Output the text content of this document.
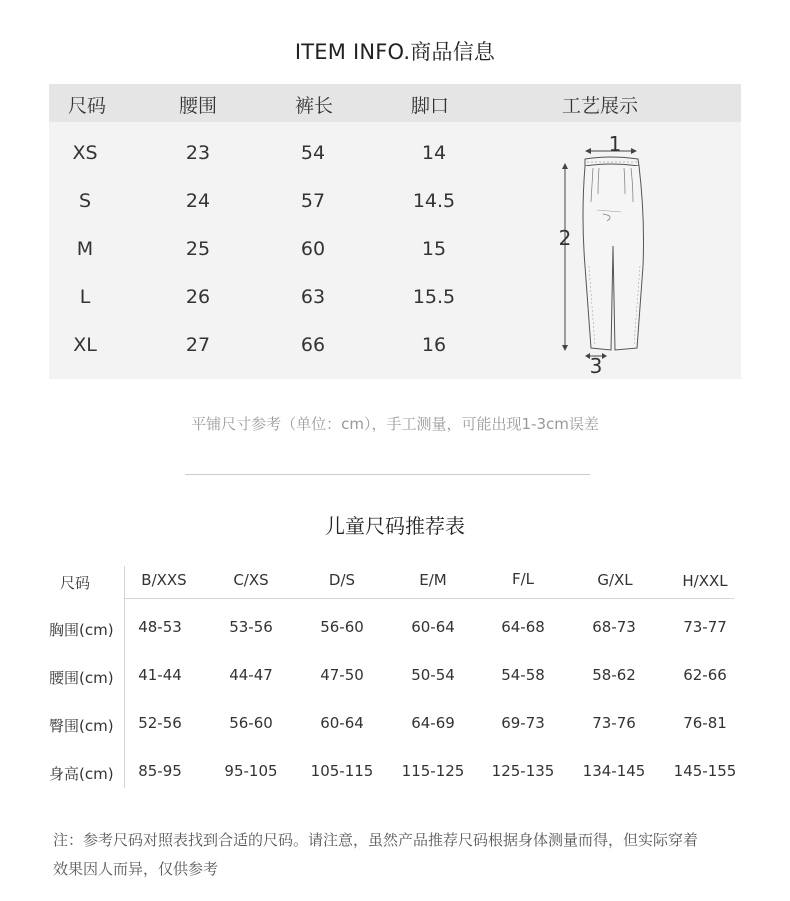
ITEM INFO.商品信息
尺码	腰围	裤长	脚口	工艺展示
XS	23	54	14
S	24	57	14.5
M	25	60	15
L	26	63	15.5
XL	27	66	16
1
2
3
平铺尺寸参考（单位：cm），手工测量，可能出现1-3cm误差
儿童尺码推荐表
尺码	B/XXS	C/XS	D/S	E/M	F/L	G/XL	H/XXL
胸围(cm) 48-53	53-56	56-60	60-64	64-68	68-73	73-77
腰围(cm) 41-44	44-47	47-50	50-54	54-58	58-62	62-66
臀围(cm) 52-56	56-60	60-64	64-69	69-73	73-76	76-81
身高(cm) 85-95	95-105 105-115 115-125 125-135 134-145 145-155
注：参考尺码对照表找到合适的尺码。请注意，虽然产品推荐尺码根据身体测量而得，但实际穿着
效果因人而异，仅供参考
